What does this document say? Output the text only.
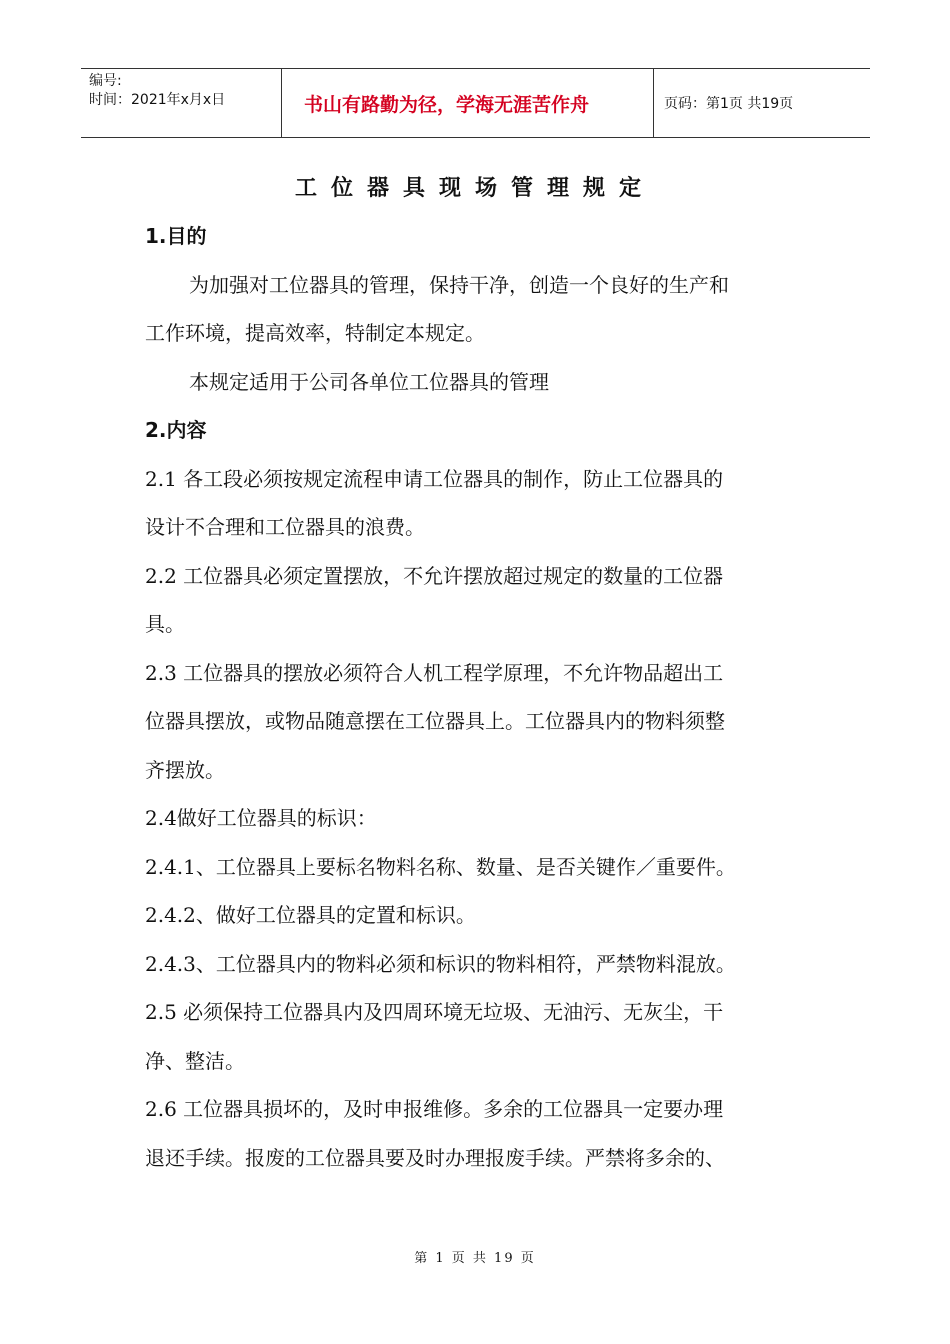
编号:
时间：2021年x月x日	书山有路勤为径，学海无涯苦作舟	页码：第1页 共19页
工位器具现场管理规定
1.目的
为加强对工位器具的管理，保持干净，创造一个良好的生产和
工作环境，提高效率，特制定本规定。
本规定适用于公司各单位工位器具的管理
2.内容
2.1 各工段必须按规定流程申请工位器具的制作，防止工位器具的
设计不合理和工位器具的浪费。
2.2 工位器具必须定置摆放，不允许摆放超过规定的数量的工位器
具。
2.3 工位器具的摆放必须符合人机工程学原理，不允许物品超出工
位器具摆放，或物品随意摆在工位器具上。工位器具内的物料须整
齐摆放。
2.4做好工位器具的标识：
2.4.1、工位器具上要标名物料名称、数量、是否关键作／重要件。
2.4.2、做好工位器具的定置和标识。
2.4.3、工位器具内的物料必须和标识的物料相符，严禁物料混放。
2.5 必须保持工位器具内及四周环境无垃圾、无油污、无灰尘，干
净、整洁。
2.6 工位器具损坏的，及时申报维修。多余的工位器具一定要办理
退还手续。报废的工位器具要及时办理报废手续。严禁将多余的、
第 1 页 共 19 页
